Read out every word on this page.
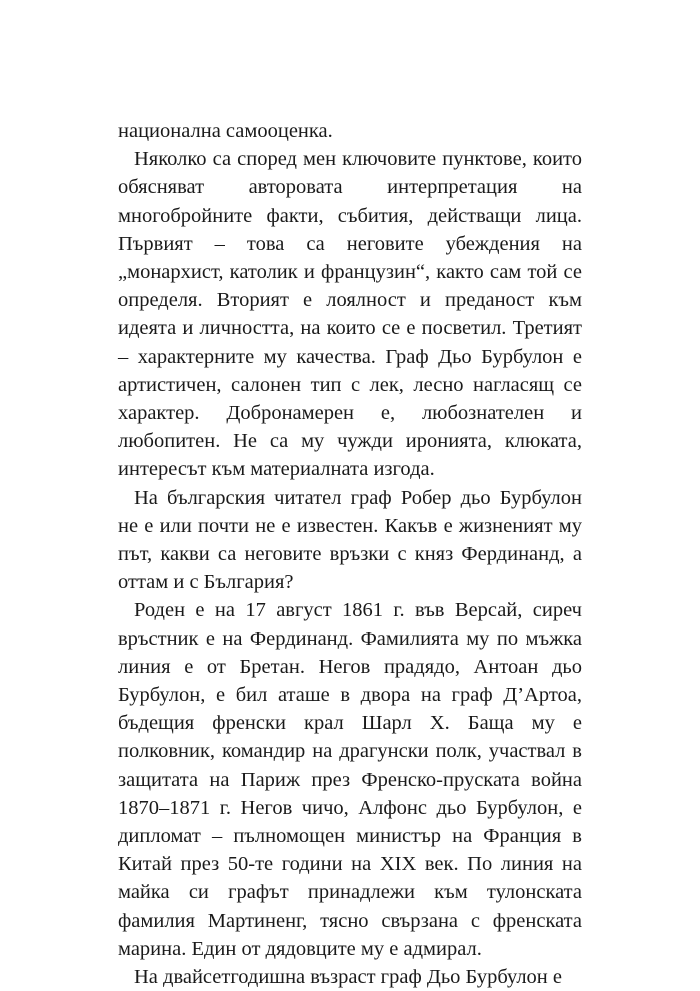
национална самооценка.

Няколко са според мен ключовите пунктове, които обясняват авторовата интерпретация на многобройните факти, събития, действащи лица. Първият – това са неговите убеждения на „монархист, католик и французин“, както сам той се определя. Вторият е лоялност и преданост към идеята и личността, на които се е посветил. Третият – характерните му качества. Граф Дьо Бурбулон е артистичен, салонен тип с лек, лесно нагласящ се характер. Добронамерен е, любознателен и любопитен. Не са му чужди иронията, клюката, интересът към материалната изгода.

На българския читател граф Робер дьо Бурбулон не е или почти не е известен. Какъв е жизненият му път, какви са неговите връзки с княз Фердинанд, а оттам и с България?

Роден е на 17 август 1861 г. във Версай, сиреч връстник е на Фердинанд. Фамилията му по мъжка линия е от Бретан. Негов прадядо, Антоан дьо Бурбулон, е бил аташе в двора на граф Д’Артоа, бъдещия френски крал Шарл Х. Баща му е полковник, командир на драгунски полк, участвал в защитата на Париж през Френско-пруската война 1870–1871 г. Негов чичо, Алфонс дьо Бурбулон, е дипломат – пълномощен министър на Франция в Китай през 50-те години на XIX век. По линия на майка си графът принадлежи към тулонската фамилия Мартиненг, тясно свързана с френската марина. Един от дядовците му е адмирал.

На двайсетгодишна възраст граф Дьо Бурбулон е
